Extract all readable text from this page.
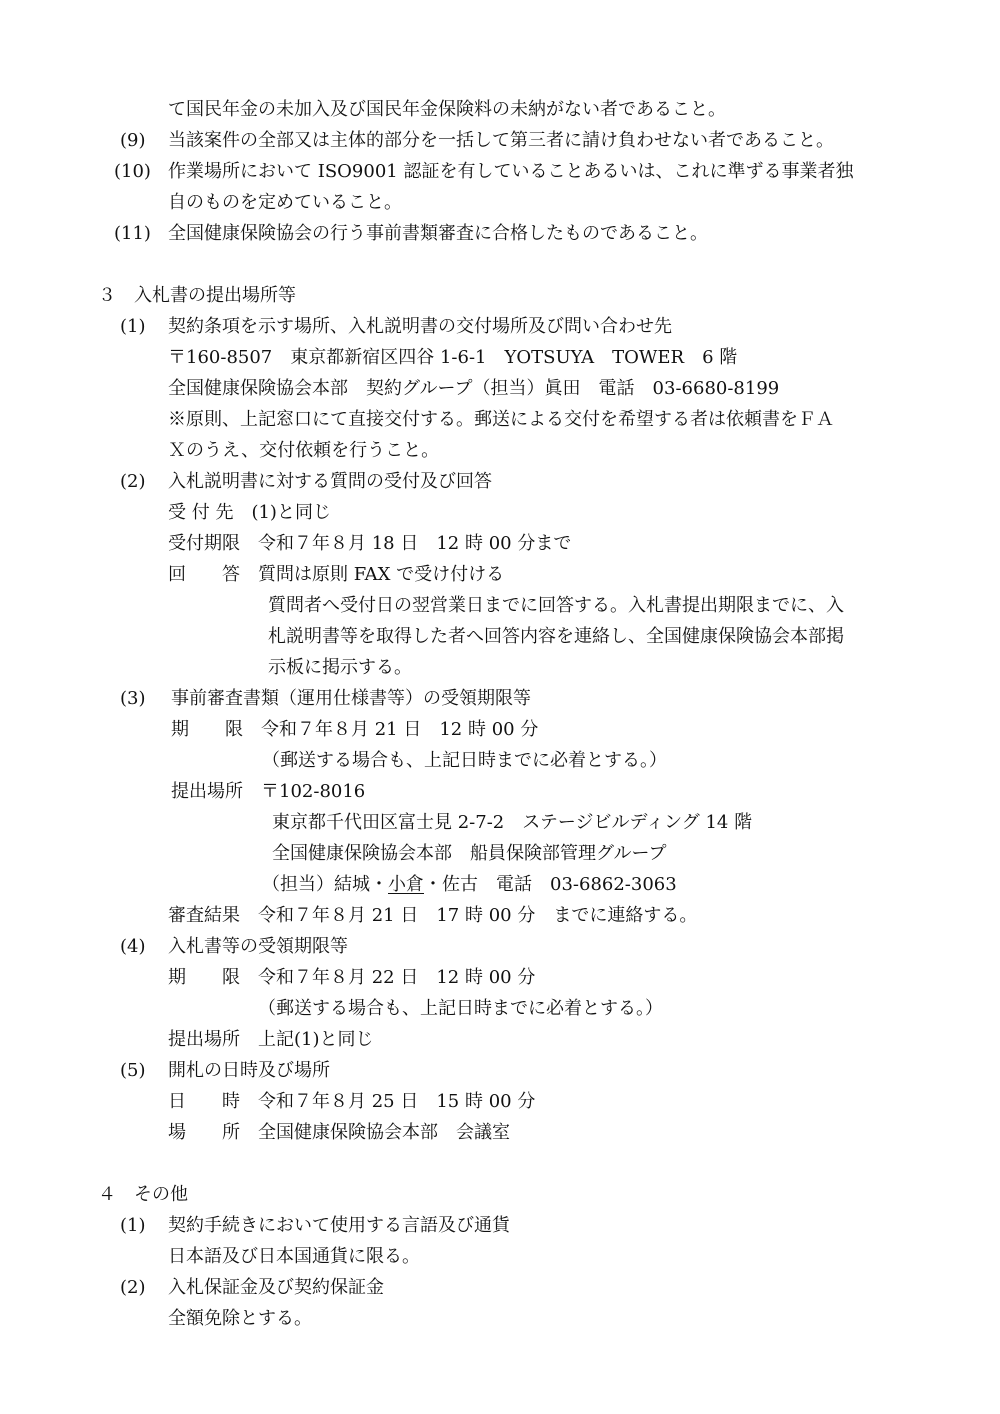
て国民年金の未加入及び国民年金保険料の未納がない者であること。
(9) 当該案件の全部又は主体的部分を一括して第三者に請け負わせない者であること。
(10) 作業場所において ISO9001 認証を有していることあるいは、これに準ずる事業者独
自のものを定めていること。
(11) 全国健康保険協会の行う事前書類審査に合格したものであること。
３　入札書の提出場所等
(1) 契約条項を示す場所、入札説明書の交付場所及び問い合わせ先
〒160-8507　東京都新宿区四谷 1-6-1　YOTSUYA　TOWER　6 階
全国健康保険協会本部　契約グループ（担当）眞田　電話　03-6680-8199
※原則、上記窓口にて直接交付する。郵送による交付を希望する者は依頼書をＦＡ
Ｘのうえ、交付依頼を行うこと。
(2) 入札説明書に対する質問の受付及び回答
受 付 先　(1)と同じ
受付期限　令和７年８月 18 日　12 時 00 分まで
回　　答　質問は原則 FAX で受け付ける
質問者へ受付日の翌営業日までに回答する。入札書提出期限までに、入
札説明書等を取得した者へ回答内容を連絡し、全国健康保険協会本部掲
示板に掲示する。
(3) 事前審査書類（運用仕様書等）の受領期限等
期　　限　令和７年８月 21 日　12 時 00 分
（郵送する場合も、上記日時までに必着とする。）
提出場所　〒102-8016
東京都千代田区富士見 2-7-2　ステージビルディング 14 階
全国健康保険協会本部　船員保険部管理グループ
（担当）結城・小倉・佐古　電話　03-6862-3063
審査結果　令和７年８月 21 日　17 時 00 分　までに連絡する。
(4) 入札書等の受領期限等
期　　限　令和７年８月 22 日　12 時 00 分
（郵送する場合も、上記日時までに必着とする。）
提出場所　上記(1)と同じ
(5) 開札の日時及び場所
日　　時　令和７年８月 25 日　15 時 00 分
場　　所　全国健康保険協会本部　会議室
４　その他
(1) 契約手続きにおいて使用する言語及び通貨
日本語及び日本国通貨に限る。
(2) 入札保証金及び契約保証金
全額免除とする。
